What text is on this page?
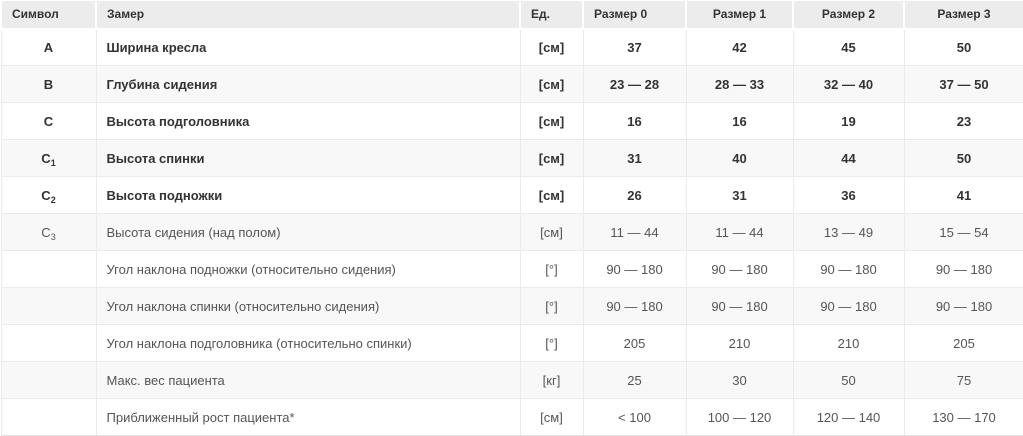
Символ	Замер	Ед.	Размер 0	Размер 1	Размер 2	Размер 3
A	Ширина кресла	[см]	37	42	45	50
B	Глубина сидения	[см]	23 — 28	28 — 33	32 — 40	37 — 50
C	Высота подголовника	[см]	16	16	19	23
$C_1$	Высота спинки	[см]	31	40	44	50
$C_2$	Высота подножки	[см]	26	31	36	41
$C_3$	Высота сидения (над полом)	[см]	11 — 44	11 — 44	13 — 49	15 — 54
	Угол наклона подножки (относительно сидения)	[°]	90 — 180	90 — 180	90 — 180	90 — 180
	Угол наклона спинки (относительно сидения)	[°]	90 — 180	90 — 180	90 — 180	90 — 180
	Угол наклона подголовника (относительно спинки)	[°]	205	210	210	205
	Макс. вес пациента	[кг]	25	30	50	75
	Приближенный рост пациента*	[см]	< 100	100 — 120	120 — 140	130 — 170
